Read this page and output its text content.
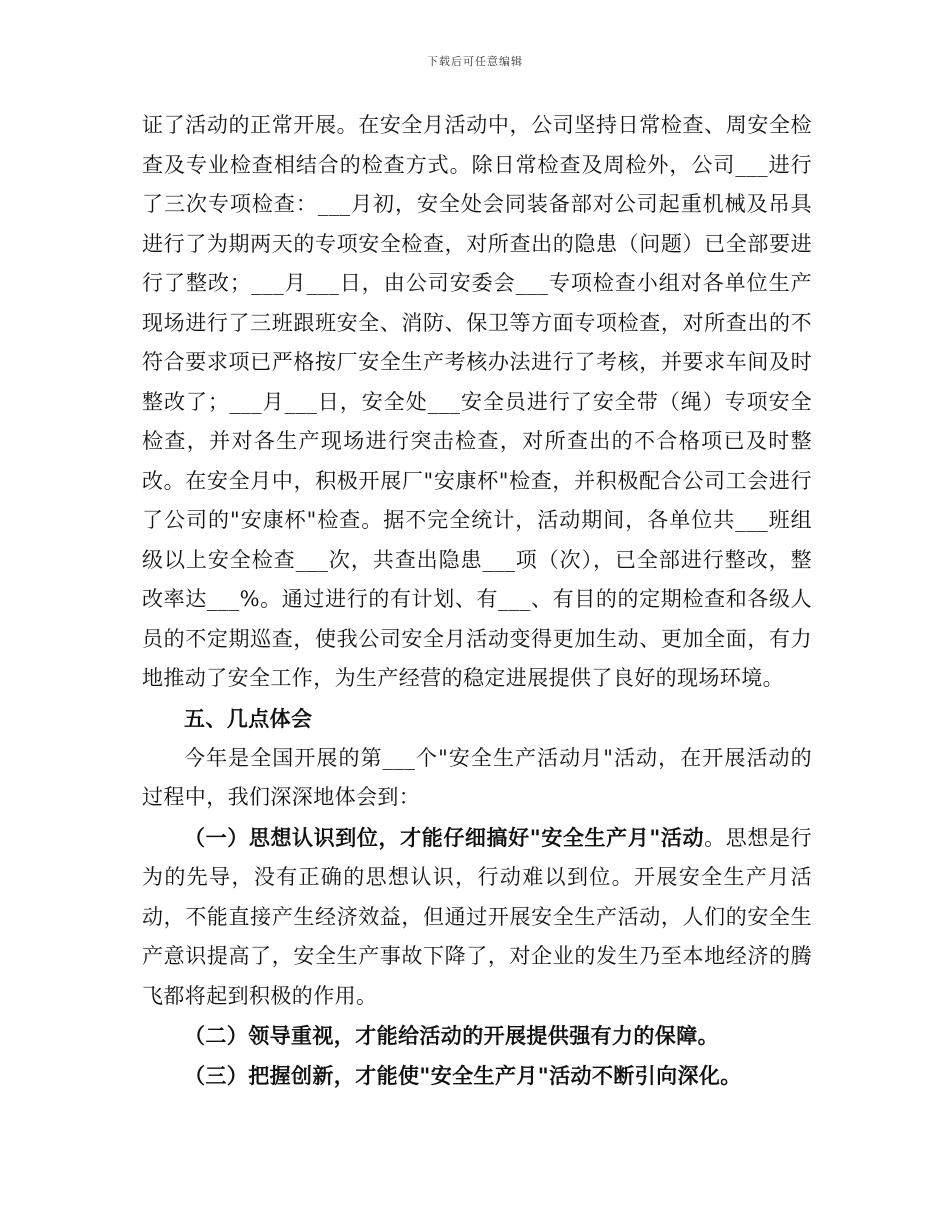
下载后可任意编辑

证了活动的正常开展。在安全月活动中，公司坚持日常检查、周安全检查及专业检查相结合的检查方式。除日常检查及周检外，公司___进行了三次专项检查：___月初，安全处会同装备部对公司起重机械及吊具进行了为期两天的专项安全检查，对所查出的隐患（问题）已全部要进行了整改；___月___日，由公司安委会___专项检查小组对各单位生产现场进行了三班跟班安全、消防、保卫等方面专项检查，对所查出的不符合要求项已严格按厂安全生产考核办法进行了考核，并要求车间及时整改了；___月___日，安全处___安全员进行了安全带（绳）专项安全检查，并对各生产现场进行突击检查，对所查出的不合格项已及时整改。在安全月中，积极开展厂"安康杯"检查，并积极配合公司工会进行了公司的"安康杯"检查。据不完全统计，活动期间，各单位共___班组级以上安全检查___次，共查出隐患___项（次），已全部进行整改，整改率达___%。通过进行的有计划、有___、有目的的定期检查和各级人员的不定期巡查，使我公司安全月活动变得更加生动、更加全面，有力地推动了安全工作，为生产经营的稳定进展提供了良好的现场环境。

五、几点体会

今年是全国开展的第___个"安全生产活动月"活动，在开展活动的过程中，我们深深地体会到：

（一）思想认识到位，才能仔细搞好"安全生产月"活动。思想是行为的先导，没有正确的思想认识，行动难以到位。开展安全生产月活动，不能直接产生经济效益，但通过开展安全生产活动，人们的安全生产意识提高了，安全生产事故下降了，对企业的发生乃至本地经济的腾飞都将起到积极的作用。

（二）领导重视，才能给活动的开展提供强有力的保障。

（三）把握创新，才能使"安全生产月"活动不断引向深化。
